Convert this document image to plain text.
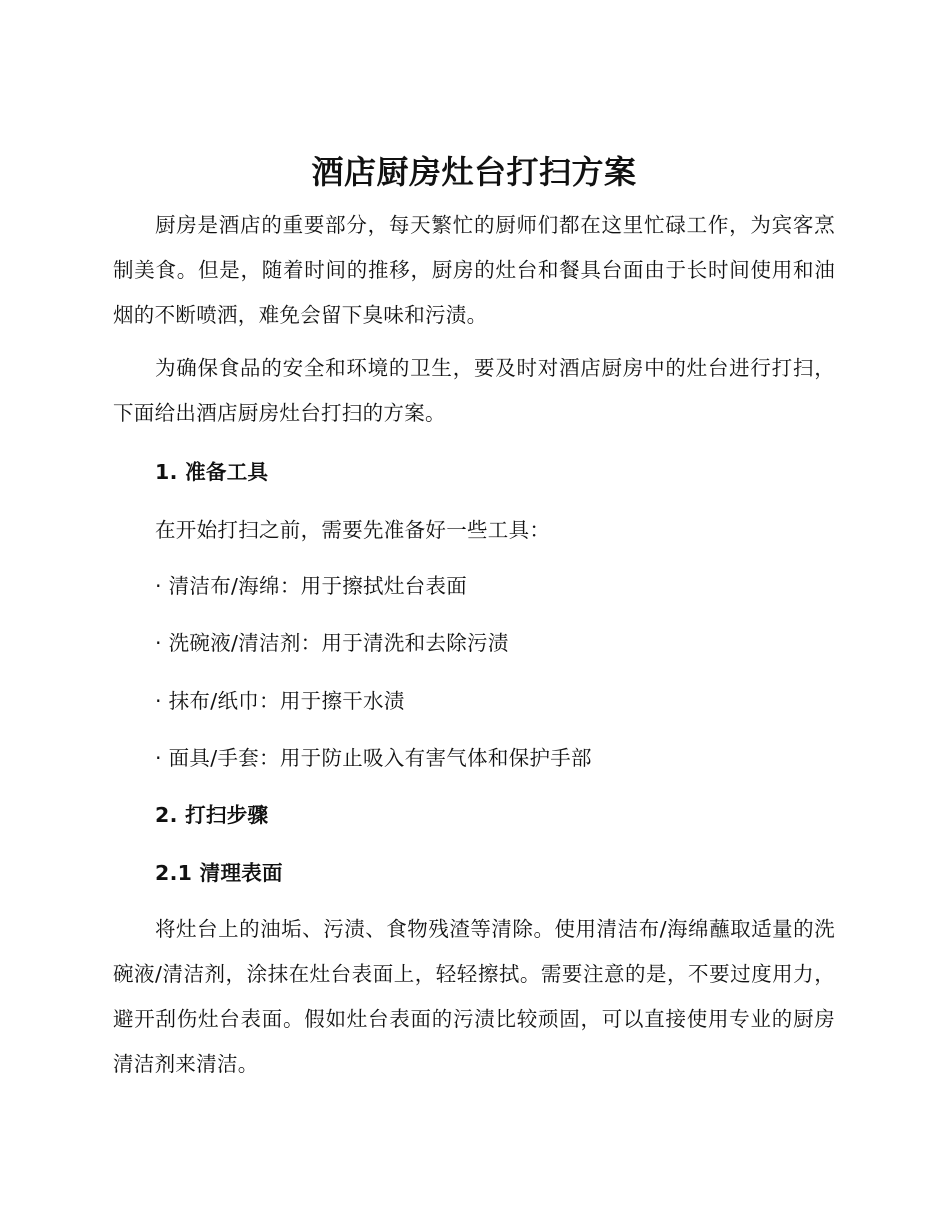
酒店厨房灶台打扫方案

厨房是酒店的重要部分，每天繁忙的厨师们都在这里忙碌工作，为宾客烹制美食。但是，随着时间的推移，厨房的灶台和餐具台面由于长时间使用和油烟的不断喷洒，难免会留下臭味和污渍。

为确保食品的安全和环境的卫生，要及时对酒店厨房中的灶台进行打扫，下面给出酒店厨房灶台打扫的方案。

1. 准备工具

在开始打扫之前，需要先准备好一些工具：

· 清洁布/海绵：用于擦拭灶台表面

· 洗碗液/清洁剂：用于清洗和去除污渍

· 抹布/纸巾：用于擦干水渍

· 面具/手套：用于防止吸入有害气体和保护手部

2. 打扫步骤

2.1 清理表面

将灶台上的油垢、污渍、食物残渣等清除。使用清洁布/海绵蘸取适量的洗碗液/清洁剂，涂抹在灶台表面上，轻轻擦拭。需要注意的是，不要过度用力，避开刮伤灶台表面。假如灶台表面的污渍比较顽固，可以直接使用专业的厨房清洁剂来清洁。
